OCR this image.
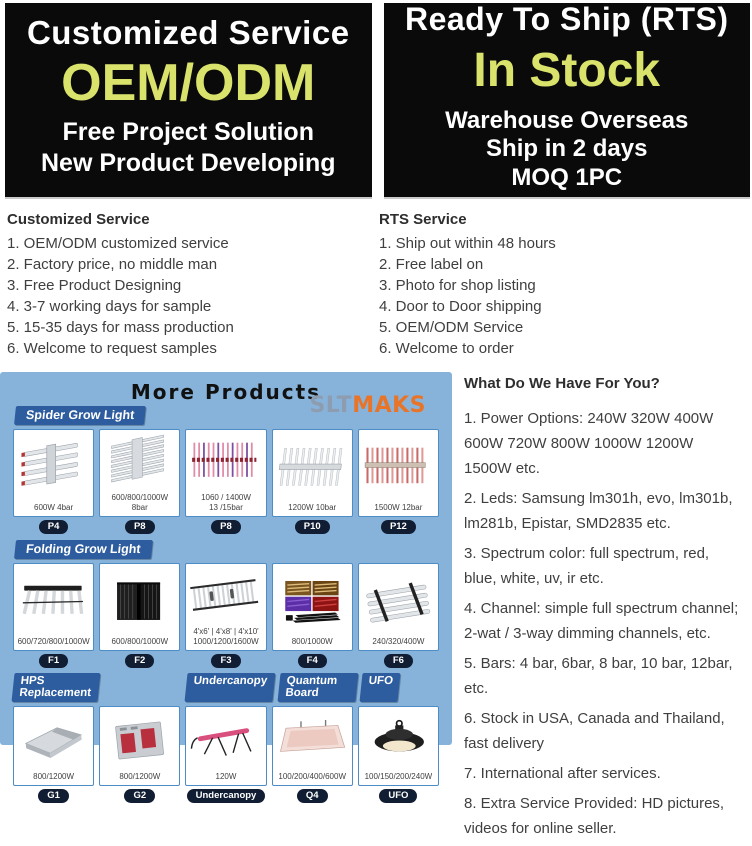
Customized Service
OEM/ODM
Free Project Solution
New Product Developing
Ready To Ship (RTS)
In Stock
Warehouse Overseas
Ship in 2 days
MOQ 1PC
Customized Service
1. OEM/ODM customized service
2. Factory price, no middle man
3. Free Product Designing
4. 3-7 working days for sample
5. 15-35 days for mass production
6. Welcome to request samples
RTS Service
1. Ship out within 48 hours
2. Free label on
3. Photo for shop listing
4. Door to Door shipping
5. OEM/ODM Service
6. Welcome to order
More Products
SLTMAKS
Spider Grow Light
600W 4bar
600/800/1000W
8bar
1060 / 1400W
13 /15bar	1200W 10bar	1500W 12bar
P4	P8	P8	P10	P12
Folding Grow Light
600/720/800/1000W	600/800/1000W
4'x6' | 4'x8' | 4'x10'
1000/1200/1600W	800/1000W	240/320/400W
F1	F2	F3	F4	F6
HPS Replacement
Undercanopy	Quantum Board
UFO
800/1200W	800/1200W	120W	100/200/400/600W	100/150/200/240W
G1	G2	Undercanopy	Q4	UFO
What Do We Have For You?
1. Power Options: 240W 320W 400W 600W 720W 800W 1000W 1200W 1500W etc.
2. Leds: Samsung lm301h, evo, lm301b, lm281b, Epistar, SMD2835 etc.
3. Spectrum color: full spectrum, red, blue, white, uv, ir etc.
4. Channel: simple full spectrum channel; 2-wat / 3-way dimming channels, etc.
5. Bars: 4 bar, 6bar, 8 bar, 10 bar, 12bar, etc.
6. Stock in USA, Canada and Thailand, fast delivery
7. International after services.
8. Extra Service Provided: HD pictures, videos for online seller.
